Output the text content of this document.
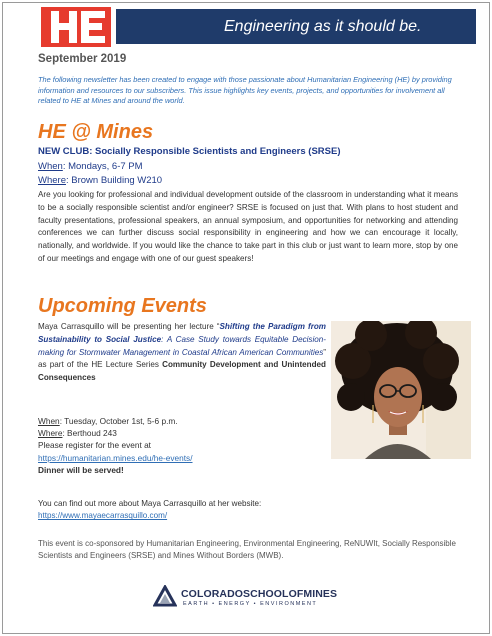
HE	Engineering as it should be.
September 2019
The following newsletter has been created to engage with those passionate about Humanitarian Engineering (HE) by providing information and resources to our subscribers. This issue highlights key events, projects, and opportunities for involvement all related to HE at Mines and around the world.
HE @ Mines
NEW CLUB: Socially Responsible Scientists and Engineers (SRSE)
When: Mondays, 6-7 PM
Where: Brown Building W210
Are you looking for professional and individual development outside of the classroom in understanding what it means to be a socially responsible scientist and/or engineer? SRSE is focused on just that. With plans to host student and faculty presentations, professional speakers, an annual symposium, and opportunities for networking and attending conferences we can further discuss social responsibility in engineering and how we can encourage it locally, nationally, and worldwide. If you would like the chance to take part in this club or just want to learn more, stop by one of our meetings and engage with one of our guest speakers!
Upcoming Events
Maya Carrasquillo will be presenting her lecture “Shifting the Paradigm from Sustainability to Social Justice: A Case Study towards Equitable Decision-making for Stormwater Management in Coastal African American Communities” as part of the HE Lecture Series Community Development and Unintended Consequences
When: Tuesday, October 1st, 5-6 p.m.
Where: Berthoud 243
Please register for the event at
https://humanitarian.mines.edu/he-events/
Dinner will be served!
You can find out more about Maya Carrasquillo at her website:
https://www.mayaecarrasquillo.com/
This event is co-sponsored by Humanitarian Engineering, Environmental Engineering, ReNUWIt, Socially Responsible Scientists and Engineers (SRSE) and Mines Without Borders (MWB).
COLORADOSCHOOLOFMINES
EARTH • ENERGY • ENVIRONMENT
